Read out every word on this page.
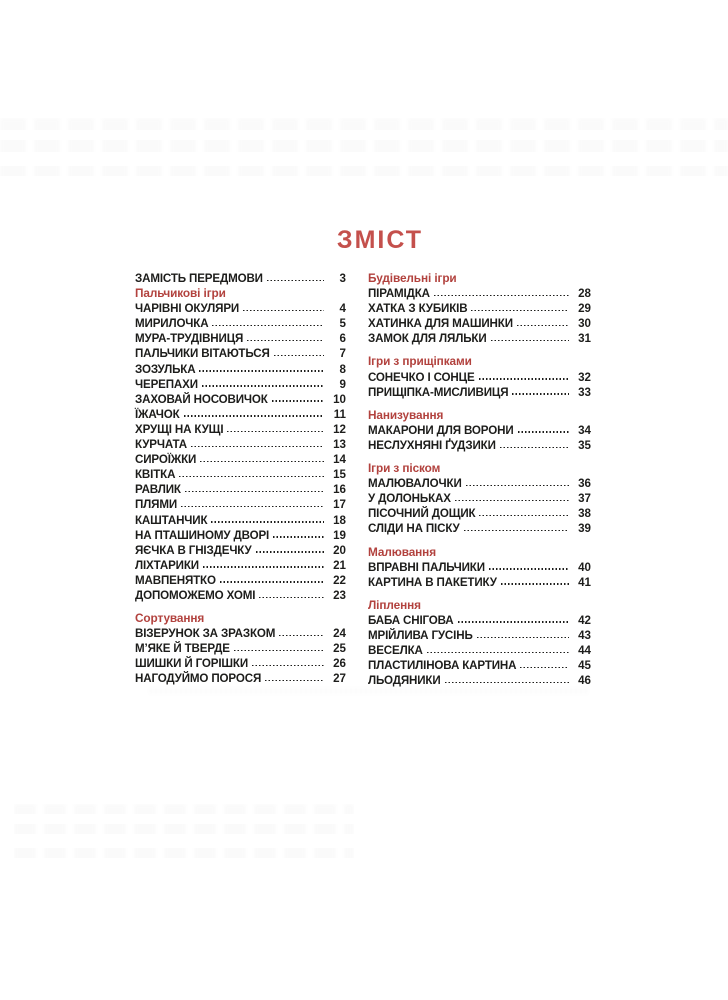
ЗМІСТ
ЗАМІСТЬ ПЕРЕДМОВИ	3
Пальчикові ігри
ЧАРІВНІ ОКУЛЯРИ	4
МИРИЛОЧКА	5
МУРА-ТРУДІВНИЦЯ	6
ПАЛЬЧИКИ ВІТАЮТЬСЯ	7
ЗОЗУЛЬКА	8
ЧЕРЕПАХИ	9
ЗАХОВАЙ НОСОВИЧОК	10
ЇЖАЧОК	11
ХРУЩІ НА КУЩІ	12
КУРЧАТА	13
СИРОЇЖКИ	14
КВІТКА	15
РАВЛИК	16
ПЛЯМИ	17
КАШТАНЧИК	18
НА ПТАШИНОМУ ДВОРІ	19
ЯЄЧКА В ГНІЗДЕЧКУ	20
ЛІХТАРИКИ	21
МАВПЕНЯТКО	22
ДОПОМОЖЕМО ХОМІ	23
Сортування
ВІЗЕРУНОК ЗА ЗРАЗКОМ	24
М’ЯКЕ Й ТВЕРДЕ	25
ШИШКИ Й ГОРІШКИ	26
НАГОДУЙМО ПОРОСЯ	27
Будівельні ігри
ПІРАМІДКА	28
ХАТКА З КУБИКІВ	29
ХАТИНКА ДЛЯ МАШИНКИ	30
ЗАМОК ДЛЯ ЛЯЛЬКИ	31
Ігри з прищіпками
СОНЕЧКО І СОНЦЕ	32
ПРИЩІПКА-МИСЛИВИЦЯ	33
Нанизування
МАКАРОНИ ДЛЯ ВОРОНИ	34
НЕСЛУХНЯНІ ҐУДЗИКИ	35
Ігри з піском
МАЛЮВАЛОЧКИ	36
У ДОЛОНЬКАХ	37
ПІСОЧНИЙ ДОЩИК	38
СЛІДИ НА ПІСКУ	39
Малювання
ВПРАВНІ ПАЛЬЧИКИ	40
КАРТИНА В ПАКЕТИКУ	41
Ліплення
БАБА СНІГОВА	42
МРІЙЛИВА ГУСІНЬ	43
ВЕСЕЛКА	44
ПЛАСТИЛІНОВА КАРТИНА	45
ЛЬОДЯНИКИ	46
